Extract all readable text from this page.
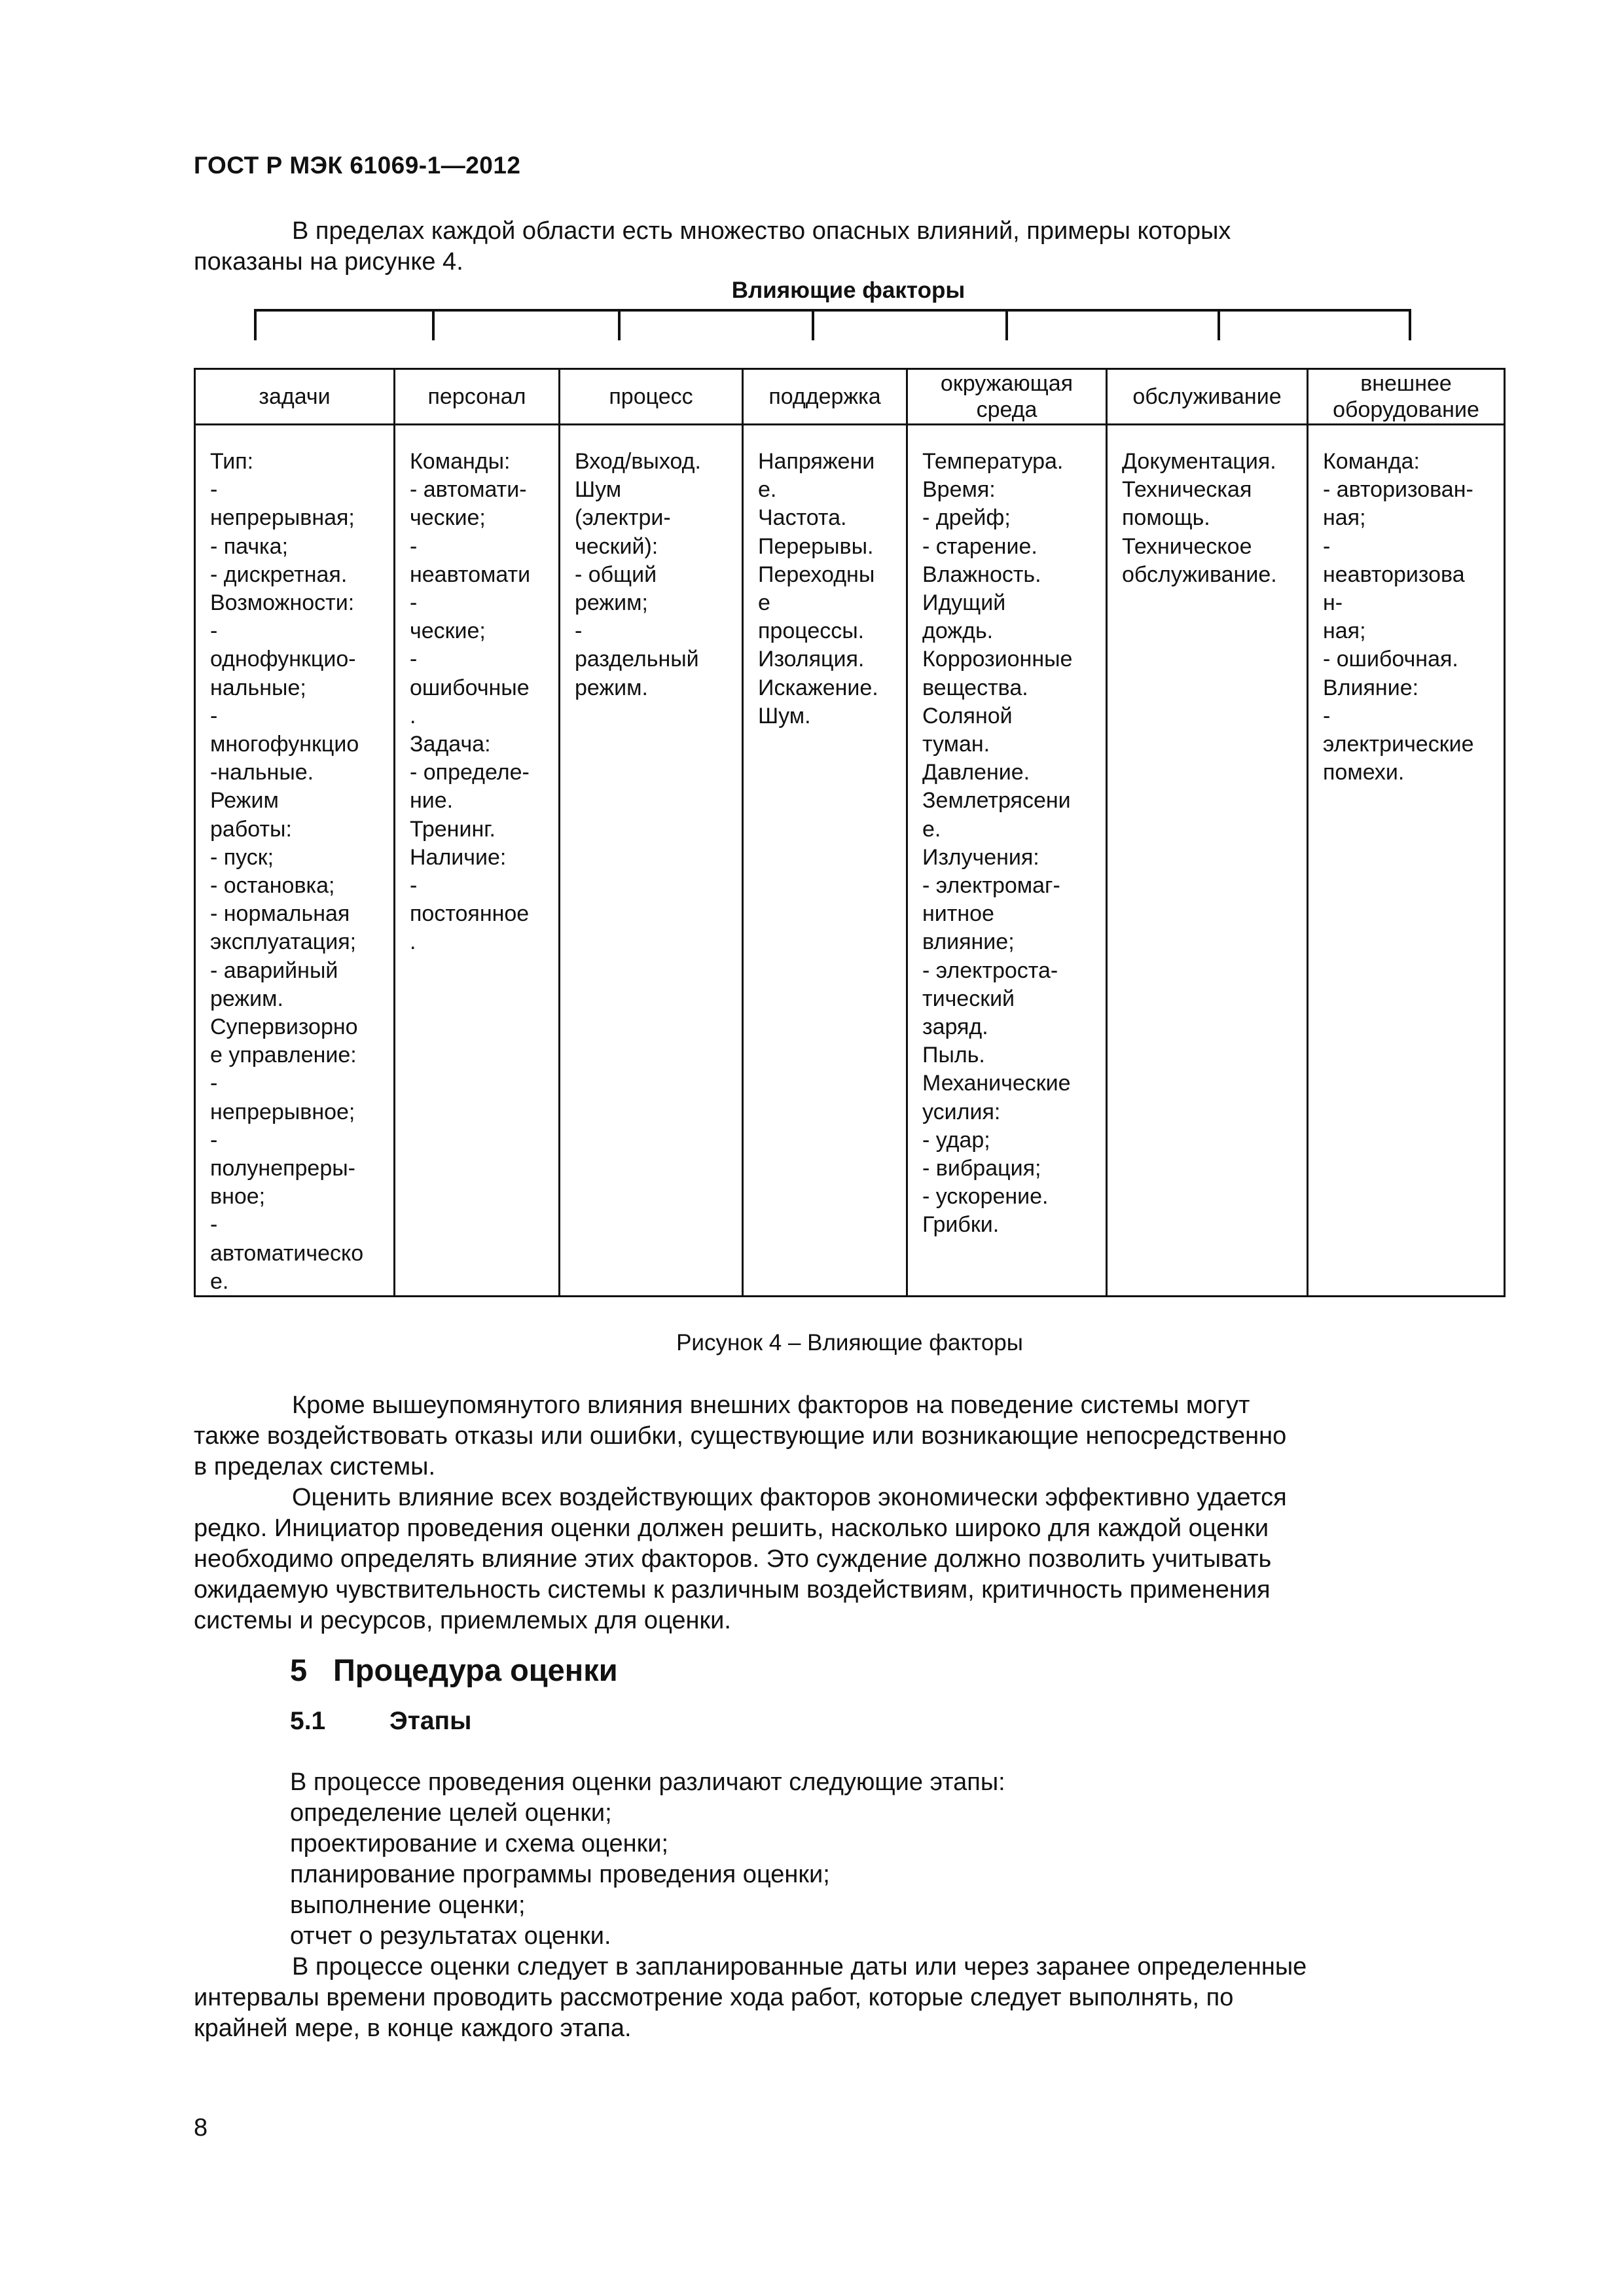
ГОСТ Р МЭК 61069-1—2012
В пределах каждой области есть множество опасных влияний, примеры которых
показаны на рисунке 4.
Влияющие факторы
задачи
Тип:
-
непрерывная;
- пачка;
- дискретная.
Возможности:
-
однофункцио-
нальные;
-
многофункцио
-нальные.
Режим
работы:
- пуск;
- остановка;
- нормальная
эксплуатация;
- аварийный
режим.
Супервизорно
е управление:
-
непрерывное;
-
полунепреры-
вное;
-
автоматическо
е.
персонал
Команды:
- автомати-
ческие;
-
неавтомати
-
ческие;
-
ошибочные
.
Задача:
- определе-
ние.
Тренинг.
Наличие:
-
постоянное
.
процесс
Вход/выход.
Шум
(электри-
ческий):
- общий
режим;
-
раздельный
режим.
поддержка
Напряжени
е.
Частота.
Перерывы.
Переходны
е
процессы.
Изоляция.
Искажение.
Шум.
окружающая среда
Температура.
Время:
- дрейф;
- старение.
Влажность.
Идущий
дождь.
Коррозионные
вещества.
Соляной
туман.
Давление.
Землетрясени
е.
Излучения:
- электромаг-
нитное
влияние;
- электроста-
тический
заряд.
Пыль.
Механические
усилия:
- удар;
- вибрация;
- ускорение.
Грибки.
обслуживание
Документация.
Техническая
помощь.
Техническое
обслуживание.
внешнее оборудование
Команда:
- авторизован-
ная;
-
неавторизова
н-
ная;
- ошибочная.
Влияние:
-
электрические
помехи.
Рисунок 4 – Влияющие факторы
Кроме вышеупомянутого влияния внешних факторов на поведение системы могут
также воздействовать отказы или ошибки, существующие или возникающие непосредственно
в пределах системы.
Оценить влияние всех воздействующих факторов экономически эффективно удается
редко. Инициатор проведения оценки должен решить, насколько широко для каждой оценки
необходимо определять влияние этих факторов. Это суждение должно позволить учитывать
ожидаемую чувствительность системы к различным воздействиям, критичность применения
системы и ресурсов, приемлемых для оценки.
5 Процедура оценки
5.1	Этапы
В процессе проведения оценки различают следующие этапы:
определение целей оценки;
проектирование и схема оценки;
планирование программы проведения оценки;
выполнение оценки;
отчет о результатах оценки.
В процессе оценки следует в запланированные даты или через заранее определенные
интервалы времени проводить рассмотрение хода работ, которые следует выполнять, по
крайней мере, в конце каждого этапа.
8
